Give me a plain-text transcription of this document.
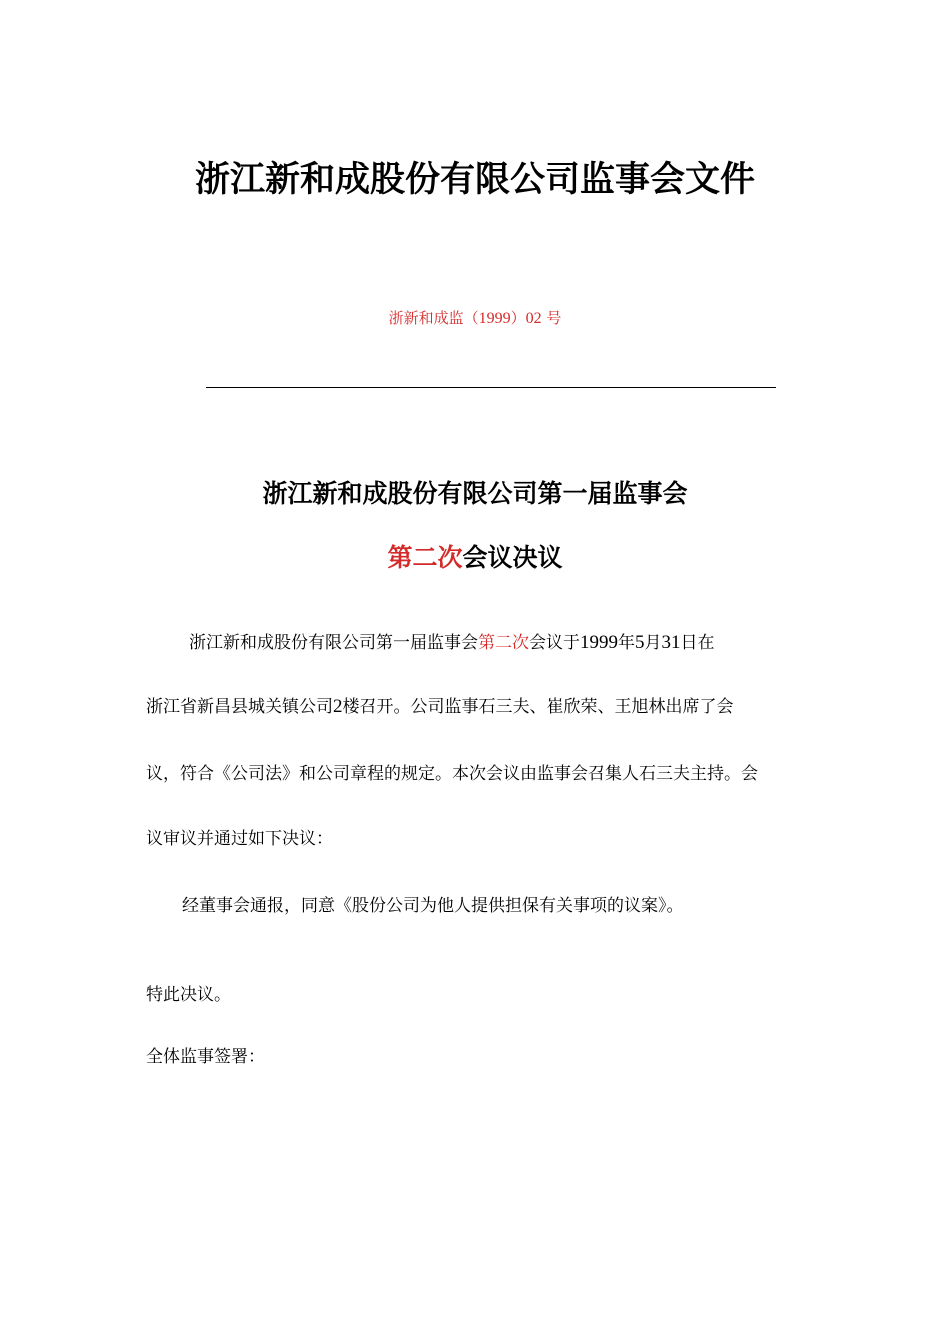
浙江新和成股份有限公司监事会文件
浙新和成监（1999）02 号
浙江新和成股份有限公司第一届监事会
第二次会议决议
浙江新和成股份有限公司第一届监事会第二次会议于1999年5月31日在
浙江省新昌县城关镇公司2楼召开。公司监事石三夫、崔欣荣、王旭林出席了会
议，符合《公司法》和公司章程的规定。本次会议由监事会召集人石三夫主持。会
议审议并通过如下决议：
经董事会通报，同意《股份公司为他人提供担保有关事项的议案》。
特此决议。
全体监事签署：
